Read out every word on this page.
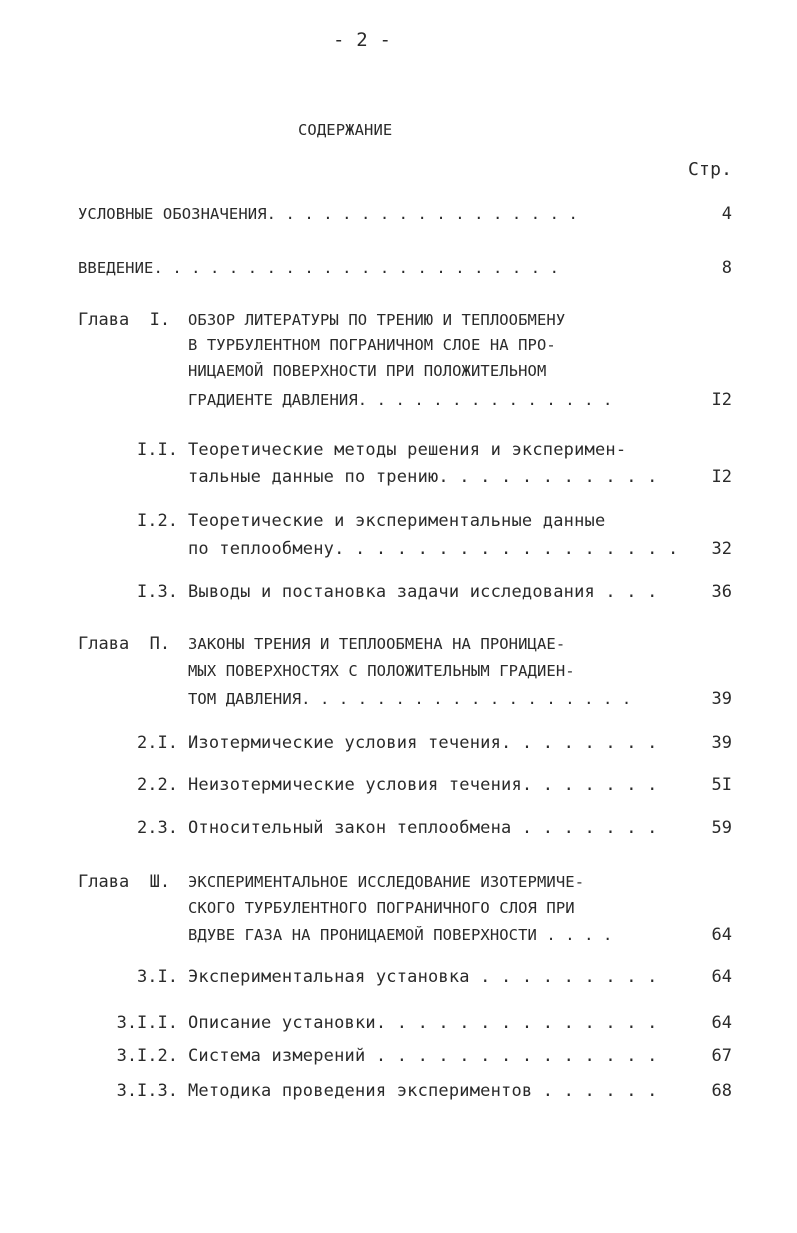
- 2 -
СОДЕРЖАНИЕ
Стр.
УСЛОВНЫЕ ОБОЗНАЧЕНИЯ. . . . . . . . . . . . . . . . .	4
ВВЕДЕНИЕ. . . . . . . . . . . . . . . . . . . . . .	8
Глава  I. ОБЗОР ЛИТЕРАТУРЫ ПО ТРЕНИЮ И ТЕПЛООБМЕНУ
В ТУРБУЛЕНТНОМ ПОГРАНИЧНОМ СЛОЕ НА ПРО-
НИЦАЕМОЙ ПОВЕРХНОСТИ ПРИ ПОЛОЖИТЕЛЬНОМ
ГРАДИЕНТЕ ДАВЛЕНИЯ. . . . . . . . . . . . . .	I2
I.I. Теоретические методы решения и эксперимен-
тальные данные по трению. . . . . . . . . . .	I2
I.2. Теоретические и экспериментальные данные
по теплообмену. . . . . . . . . . . . . . . . .	32
I.3. Выводы и постановка задачи исследования . . .	36
Глава  П. ЗАКОНЫ ТРЕНИЯ И ТЕПЛООБМЕНА НА ПРОНИЦАЕ-
МЫХ ПОВЕРХНОСТЯХ С ПОЛОЖИТЕЛЬНЫМ ГРАДИЕН-
ТОМ ДАВЛЕНИЯ. . . . . . . . . . . . . . . . . .	39
2.I. Изотермические условия течения. . . . . . . .	39
2.2. Неизотермические условия течения. . . . . . .	5I
2.3. Относительный закон теплообмена . . . . . . .	59
Глава  Ш. ЭКСПЕРИМЕНТАЛЬНОЕ ИССЛЕДОВАНИЕ ИЗОТЕРМИЧЕ-
СКОГО ТУРБУЛЕНТНОГО ПОГРАНИЧНОГО СЛОЯ ПРИ
ВДУВЕ ГАЗА НА ПРОНИЦАЕМОЙ ПОВЕРХНОСТИ . . . .	64
3.I. Экспериментальная установка . . . . . . . . .	64
3.I.I. Описание установки. . . . . . . . . . . . . .	64
3.I.2. Система измерений . . . . . . . . . . . . . .	67
3.I.3. Методика проведения экспериментов . . . . . .	68
